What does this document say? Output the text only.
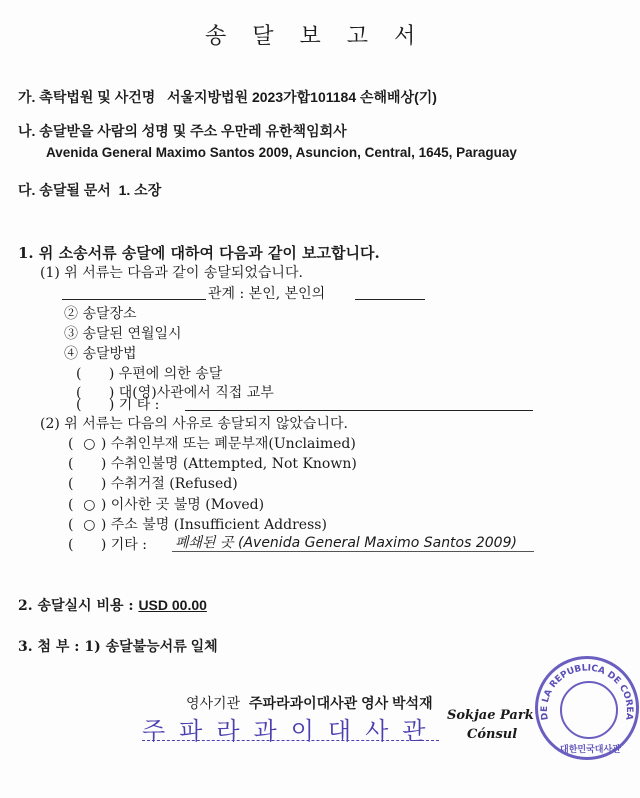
송달보고서
가. 촉탁법원 및 사건명 서울지방법원 2023가합101184 손해배상(기)
나. 송달받을 사람의 성명 및 주소 우만레 유한책임회사
Avenida General Maximo Santos 2009, Asuncion, Central, 1645, Paraguay
다. 송달될 문서 1. 소장
1. 위 소송서류 송달에 대하여 다음과 같이 보고합니다.
(1) 위 서류는 다음과 같이 송달되었습니다.
관계 : 본인, 본인의
② 송달장소
③ 송달된 연월일시
④ 송달방법
(   ) 우편에 의한 송달
(   ) 대(영)사관에서 직접 교부
(   ) 기 타 :
(2) 위 서류는 다음의 사유로 송달되지 않았습니다.
(  ○ ) 수취인부재 또는 폐문부재(Unclaimed)
(   ) 수취인불명 (Attempted, Not Known)
(   ) 수취거절 (Refused)
(  ○ ) 이사한 곳 불명 (Moved)
(  ○ ) 주소 불명 (Insufficient Address)
(   ) 기타 : 폐쇄된 곳 (Avenida General Maximo Santos 2009)
2. 송달실시 비용 : USD 00.00
3. 첨 부 : 1) 송달불능서류 일체
영사기관 주파라과이대사관 영사 박석재
주파라과이대사관
Sokjae Park
Cónsul
DE LA REPUBLICA DE COREA
대한민국대사관
